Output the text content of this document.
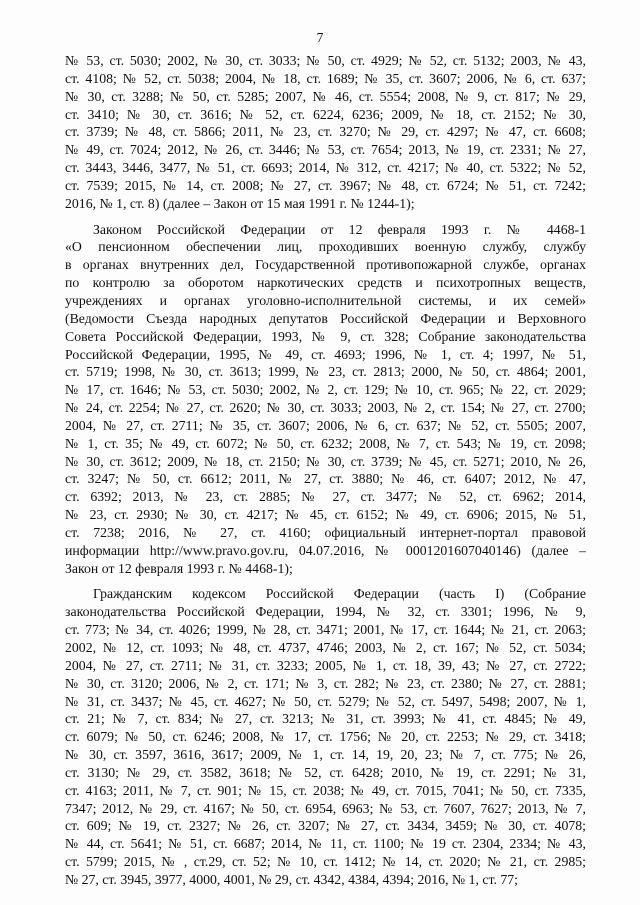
7
№ 53, ст. 5030; 2002, № 30, ст. 3033; № 50, ст. 4929; № 52, ст. 5132; 2003, № 43,
ст. 4108; № 52, ст. 5038; 2004, № 18, ст. 1689; № 35, ст. 3607; 2006, № 6, ст. 637;
№ 30, ст. 3288; № 50, ст. 5285; 2007, № 46, ст. 5554; 2008, № 9, ст. 817; № 29,
ст. 3410; № 30, ст. 3616; № 52, ст. 6224, 6236; 2009, № 18, ст. 2152; № 30,
ст. 3739; № 48, ст. 5866; 2011, № 23, ст. 3270; № 29, ст. 4297; № 47, ст. 6608;
№ 49, ст. 7024; 2012, № 26, ст. 3446; № 53, ст. 7654; 2013, № 19, ст. 2331; № 27,
ст. 3443, 3446, 3477, № 51, ст. 6693; 2014, № 312, ст. 4217; № 40, ст. 5322; № 52,
ст. 7539; 2015, № 14, ст. 2008; № 27, ст. 3967; № 48, ст. 6724; № 51, ст. 7242;
2016, № 1, ст. 8) (далее – Закон от 15 мая 1991 г. № 1244-1);
Законом Российской Федерации от 12 февраля 1993 г. № 4468-1
«О пенсионном обеспечении лиц, проходивших военную службу, службу
в органах внутренних дел, Государственной противопожарной службе, органах
по контролю за оборотом наркотических средств и психотропных веществ,
учреждениях и органах уголовно-исполнительной системы, и их семей»
(Ведомости Съезда народных депутатов Российской Федерации и Верховного
Совета Российской Федерации, 1993, № 9, ст. 328; Собрание законодательства
Российской Федерации, 1995, № 49, ст. 4693; 1996, № 1, ст. 4; 1997, № 51,
ст. 5719; 1998, № 30, ст. 3613; 1999, № 23, ст. 2813; 2000, № 50, ст. 4864; 2001,
№ 17, ст. 1646; № 53, ст. 5030; 2002, № 2, ст. 129; № 10, ст. 965; № 22, ст. 2029;
№ 24, ст. 2254; № 27, ст. 2620; № 30, ст. 3033; 2003, № 2, ст. 154; № 27, ст. 2700;
2004, № 27, ст. 2711; № 35, ст. 3607; 2006, № 6, ст. 637; № 52, ст. 5505; 2007,
№ 1, ст. 35; № 49, ст. 6072; № 50, ст. 6232; 2008, № 7, ст. 543; № 19, ст. 2098;
№ 30, ст. 3612; 2009, № 18, ст. 2150; № 30, ст. 3739; № 45, ст. 5271; 2010, № 26,
ст. 3247; № 50, ст. 6612; 2011, № 27, ст. 3880; № 46, ст. 6407; 2012, № 47,
ст. 6392; 2013, № 23, ст. 2885; № 27, ст. 3477; № 52, ст. 6962; 2014,
№ 23, ст. 2930; № 30, ст. 4217; № 45, ст. 6152; № 49, ст. 6906; 2015, № 51,
ст. 7238; 2016, № 27, ст. 4160; официальный интернет-портал правовой
информации http://www.pravo.gov.ru, 04.07.2016, № 0001201607040146) (далее –
Закон от 12 февраля 1993 г. № 4468-1);
Гражданским кодексом Российской Федерации (часть I) (Собрание
законодательства Российской Федерации, 1994, № 32, ст. 3301; 1996, № 9,
ст. 773; № 34, ст. 4026; 1999, № 28, ст. 3471; 2001, № 17, ст. 1644; № 21, ст. 2063;
2002, № 12, ст. 1093; № 48, ст. 4737, 4746; 2003, № 2, ст. 167; № 52, ст. 5034;
2004, № 27, ст. 2711; № 31, ст. 3233; 2005, № 1, ст. 18, 39, 43; № 27, ст. 2722;
№ 30, ст. 3120; 2006, № 2, ст. 171; № 3, ст. 282; № 23, ст. 2380; № 27, ст. 2881;
№ 31, ст. 3437; № 45, ст. 4627; № 50, ст. 5279; № 52, ст. 5497, 5498; 2007, № 1,
ст. 21; № 7, ст. 834; № 27, ст. 3213; № 31, ст. 3993; № 41, ст. 4845; № 49,
ст. 6079; № 50, ст. 6246; 2008, № 17, ст. 1756; № 20, ст. 2253; № 29, ст. 3418;
№ 30, ст. 3597, 3616, 3617; 2009, № 1, ст. 14, 19, 20, 23; № 7, ст. 775; № 26,
ст. 3130; № 29, ст. 3582, 3618; № 52, ст. 6428; 2010, № 19, ст. 2291; № 31,
ст. 4163; 2011, № 7, ст. 901; № 15, ст. 2038; № 49, ст. 7015, 7041; № 50, ст. 7335,
7347; 2012, № 29, ст. 4167; № 50, ст. 6954, 6963; № 53, ст. 7607, 7627; 2013, № 7,
ст. 609; № 19, ст. 2327; № 26, ст. 3207; № 27, ст. 3434, 3459; № 30, ст. 4078;
№ 44, ст. 5641; № 51, ст. 6687; 2014, № 11, ст. 1100; № 19 ст. 2304, 2334; № 43,
ст. 5799; 2015, № , ст.29, ст. 52; № 10, ст. 1412; № 14, ст. 2020; № 21, ст. 2985;
№ 27, ст. 3945, 3977, 4000, 4001, № 29, ст. 4342, 4384, 4394; 2016, № 1, ст. 77;
